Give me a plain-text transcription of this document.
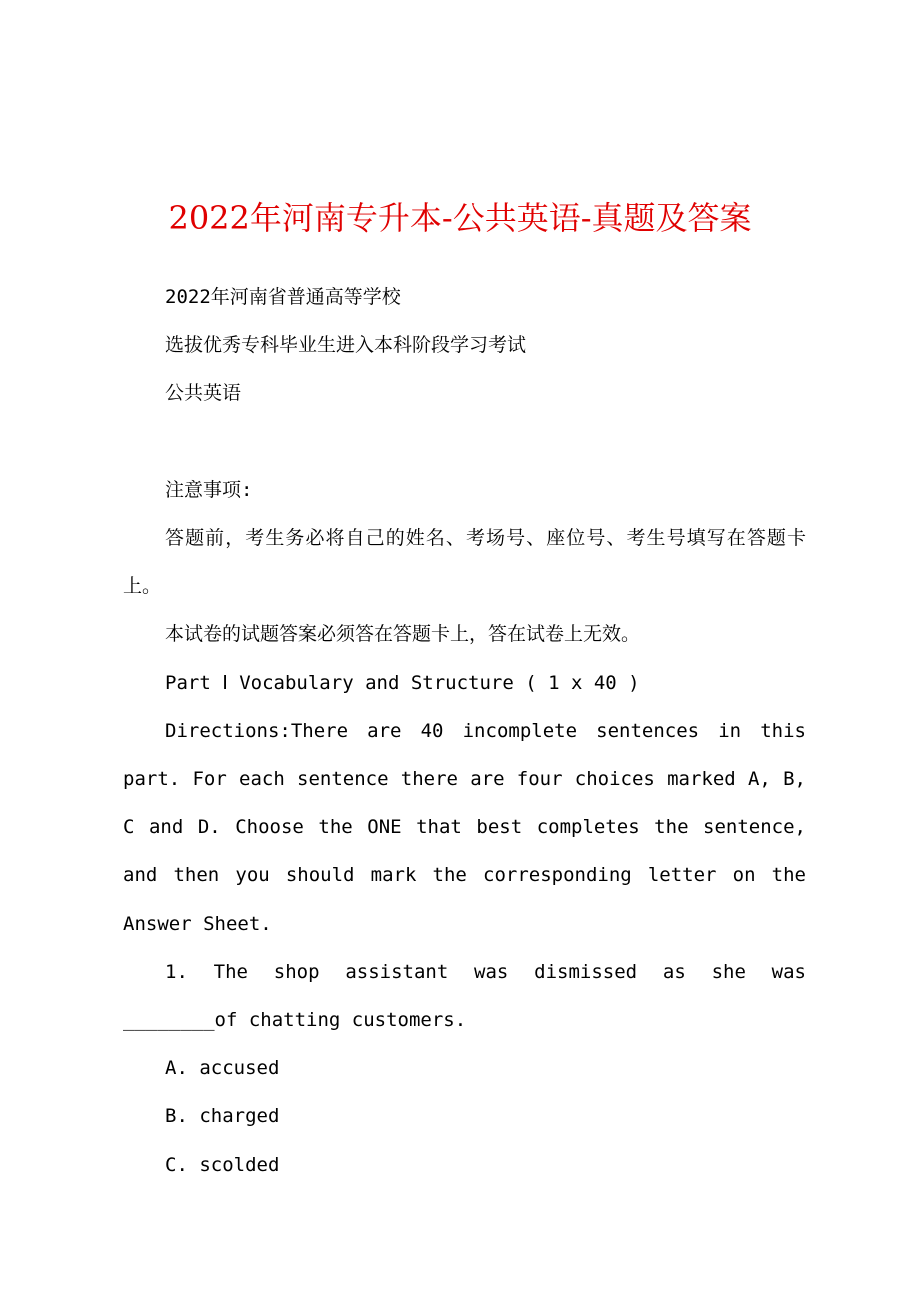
2022年河南专升本-公共英语-真题及答案

2022年河南省普通高等学校

选拔优秀专科毕业生进入本科阶段学习考试

公共英语

注意事项:

答题前，考生务必将自己的姓名、考场号、座位号、考生号填写在答题卡上。

本试卷的试题答案必须答在答题卡上，答在试卷上无效。

Part Ⅰ Vocabulary and Structure ( 1 x 40 )

Directions:There are 40 incomplete sentences in this part. For each sentence there are four choices marked A, B, C and D. Choose the ONE that best completes the sentence, and then you should mark the corresponding letter on the Answer Sheet.

1. The shop assistant was dismissed as she was ________of chatting customers.

A. accused

B. charged

C. scolded
